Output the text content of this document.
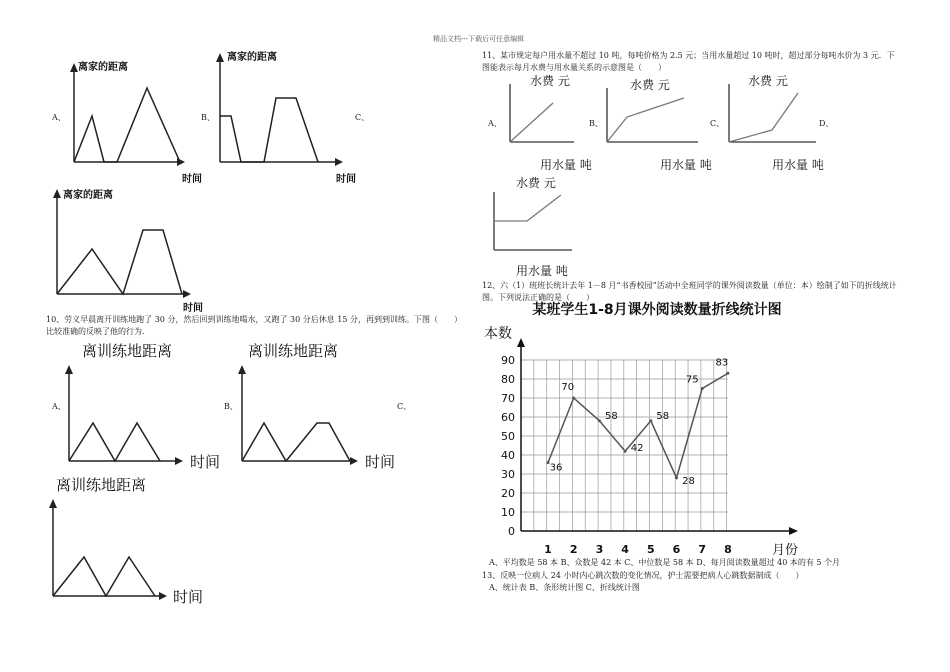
精品文档---下载后可任意编辑
A、	B、	C、
离家的距离
时间
离家的距离
时间
离家的距离
时间
10、劳义早晨离开训练地跑了 30 分，然后回到训练地喝水，又跑了 30 分后休息 15 分，再到到训练。下图（　　）比较准确的反映了他的行为.
A、	B、	C、
离训练地距离
时间
离训练地距离
时间
离训练地距离
时间
11、某市规定每户用水量不超过 10 吨，每吨价格为 2.5 元；当用水量超过 10 吨时，超过部分每吨水价为 3 元．下图能表示每月水费与用水量关系的示意图是（　　）
A、	B、	C、	D、
水费 元
用水量 吨
水费 元
用水量 吨
水费 元
用水量 吨
水费 元
用水量 吨
12、六（1）班班长统计去年 1－8 月“书香校园”活动中全班同学的课外阅读数量（单位：本）绘制了如下的折线统计图。下列说法正确的是（　　）
某班学生1-8月课外阅读数量折线统计图
本数
月份
0
10
20
30
40
50
60
70
80
90
1 2 3 4 5 6 7 8
36
70
58
42
58
28
75
83
A、平均数是 58 本 B、众数是 42 本 C、中位数是 58 本 D、每月阅读数量超过 40 本的有 5 个月
13、反映一位病人 24 小时内心跳次数的变化情况，护士需要把病人心跳数据制成（　　）
A、统计表 B、条形统计图 C、折线统计图
